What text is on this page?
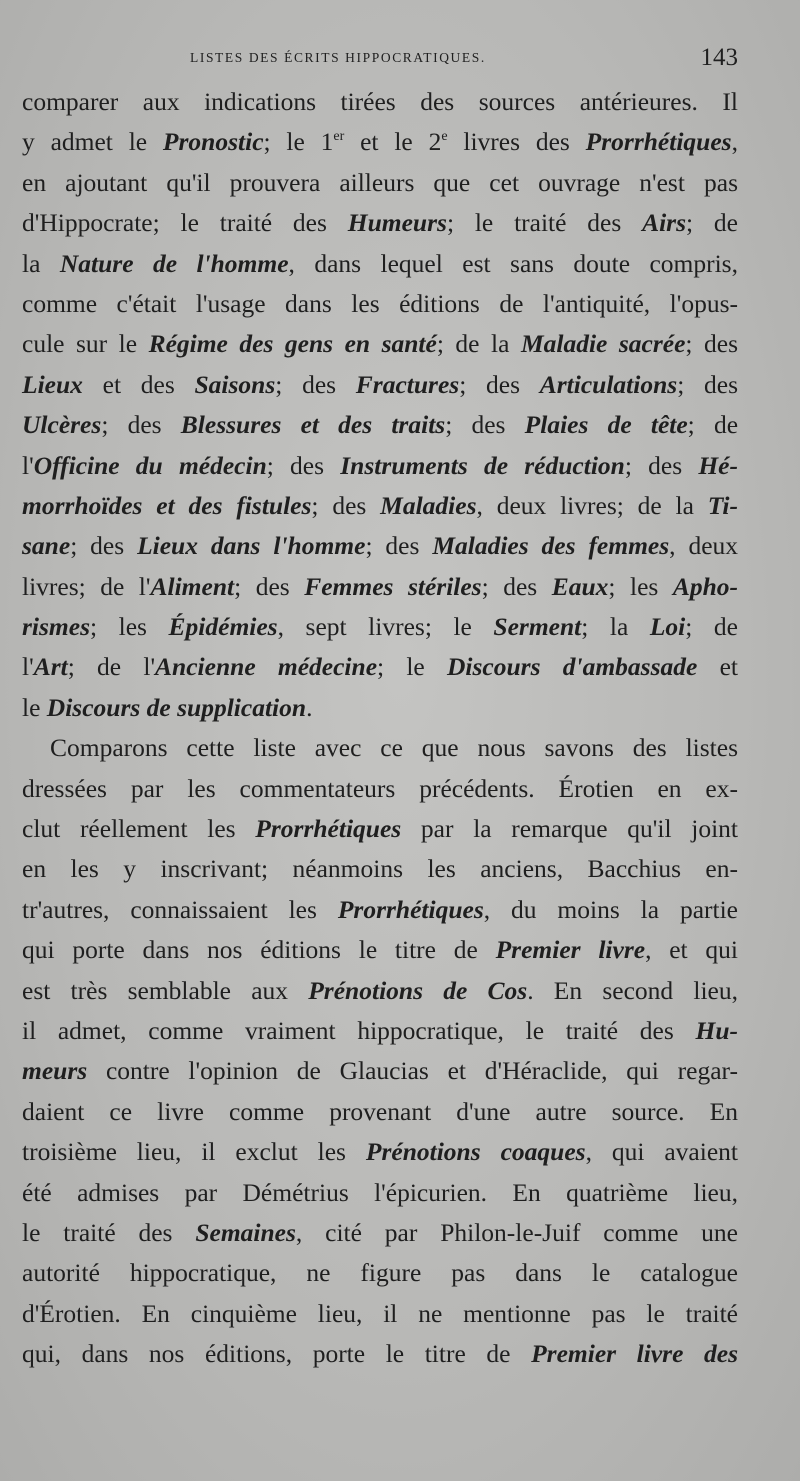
LISTES DES ÉCRITS HIPPOCRATIQUES.	143
comparer aux indications tirées des sources antérieures. Il
y admet le Pronostic; le 1er et le 2e livres des Prorrhétiques,
en ajoutant qu'il prouvera ailleurs que cet ouvrage n'est pas
d'Hippocrate; le traité des Humeurs; le traité des Airs; de
la Nature de l'homme, dans lequel est sans doute compris,
comme c'était l'usage dans les éditions de l'antiquité, l'opus-
cule sur le Régime des gens en santé; de la Maladie sacrée; des
Lieux et des Saisons; des Fractures; des Articulations; des
Ulcères; des Blessures et des traits; des Plaies de tête; de
l'Officine du médecin; des Instruments de réduction; des Hé-
morrhoïdes et des fistules; des Maladies, deux livres; de la Ti-
sane; des Lieux dans l'homme; des Maladies des femmes, deux
livres; de l'Aliment; des Femmes stériles; des Eaux; les Apho-
rismes; les Épidémies, sept livres; le Serment; la Loi; de
l'Art; de l'Ancienne médecine; le Discours d'ambassade et
le Discours de supplication.
Comparons cette liste avec ce que nous savons des listes
dressées par les commentateurs précédents. Érotien en ex-
clut réellement les Prorrhétiques par la remarque qu'il joint
en les y inscrivant; néanmoins les anciens, Bacchius en-
tr'autres, connaissaient les Prorrhétiques, du moins la partie
qui porte dans nos éditions le titre de Premier livre, et qui
est très semblable aux Prénotions de Cos. En second lieu,
il admet, comme vraiment hippocratique, le traité des Hu-
meurs contre l'opinion de Glaucias et d'Héraclide, qui regar-
daient ce livre comme provenant d'une autre source. En
troisième lieu, il exclut les Prénotions coaques, qui avaient
été admises par Démétrius l'épicurien. En quatrième lieu,
le traité des Semaines, cité par Philon-le-Juif comme une
autorité hippocratique, ne figure pas dans le catalogue
d'Érotien. En cinquième lieu, il ne mentionne pas le traité
qui, dans nos éditions, porte le titre de Premier livre des
